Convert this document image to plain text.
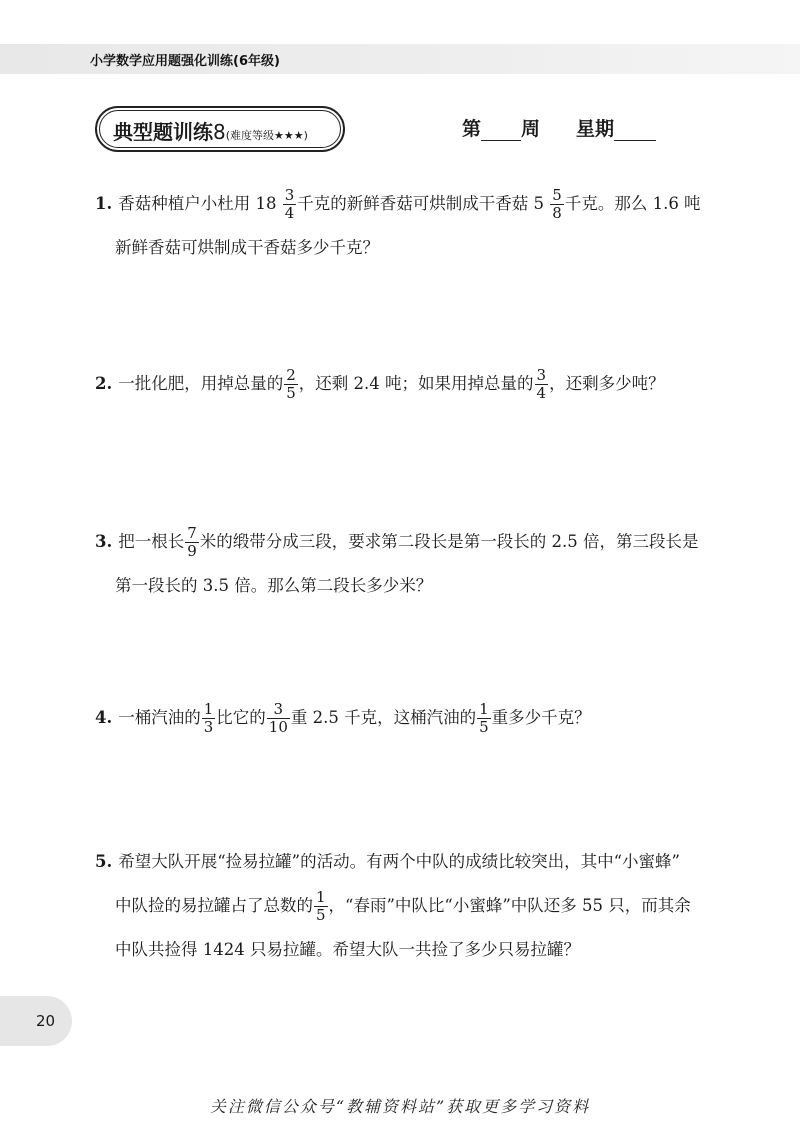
小学数学应用题强化训练(6年级)
典型题训练8(难度等级★★★)	第 周 星期
1. 香菇种植户小杜用 $18 \frac{3}{4}$ 千克的新鲜香菇可烘制成干香菇 $5 \frac{5}{8}$ 千克。那么 1.6 吨
新鲜香菇可烘制成干香菇多少千克？
2. 一批化肥，用掉总量的 $\frac{2}{5}$ ，还剩 2.4 吨；如果用掉总量的 $\frac{3}{4}$ ，还剩多少吨？
3. 把一根长 $\frac{7}{9}$ 米的缎带分成三段，要求第二段长是第一段长的 2.5 倍，第三段长是
第一段长的 3.5 倍。那么第二段长多少米？
4. 一桶汽油的 $\frac{1}{3}$ 比它的 $\frac{3}{10}$ 重 2.5 千克，这桶汽油的 $\frac{1}{5}$ 重多少千克？
5. 希望大队开展“捡易拉罐”的活动。有两个中队的成绩比较突出，其中“小蜜蜂”
中队捡的易拉罐占了总数的 $\frac{1}{5}$ ，“春雨”中队比“小蜜蜂”中队还多 55 只，而其余
中队共捡得 1424 只易拉罐。希望大队一共捡了多少只易拉罐？
20
关注微信公众号“教辅资料站”获取更多学习资料
